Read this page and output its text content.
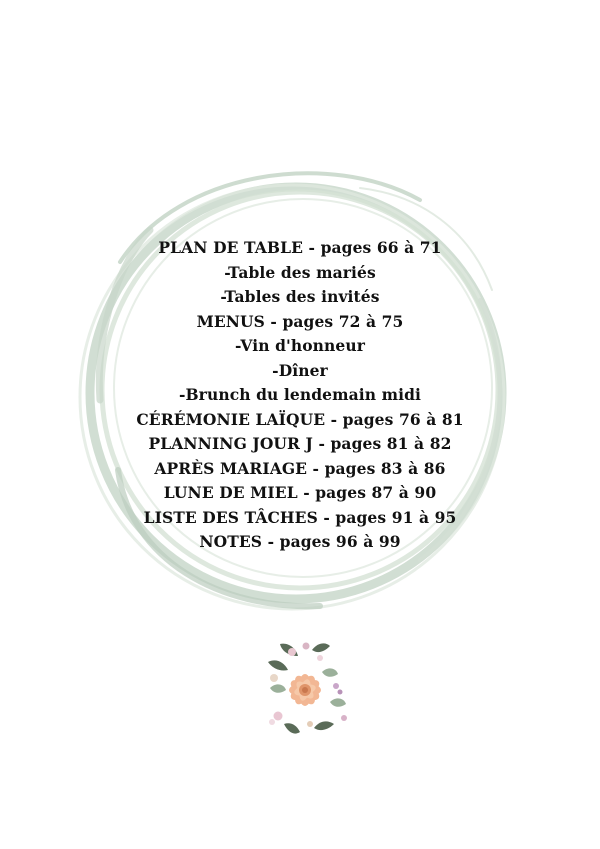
PLAN DE TABLE - pages 66 à 71
-Table des mariés
-Tables des invités
MENUS - pages 72 à 75
-Vin d'honneur
-Dîner
-Brunch du lendemain midi
CÉRÉMONIE LAÏQUE - pages 76 à 81
PLANNING JOUR J - pages 81 à 82
APRÈS MARIAGE - pages 83 à 86
LUNE DE MIEL - pages 87 à 90
LISTE DES TÂCHES - pages 91 à 95
NOTES - pages 96 à 99
